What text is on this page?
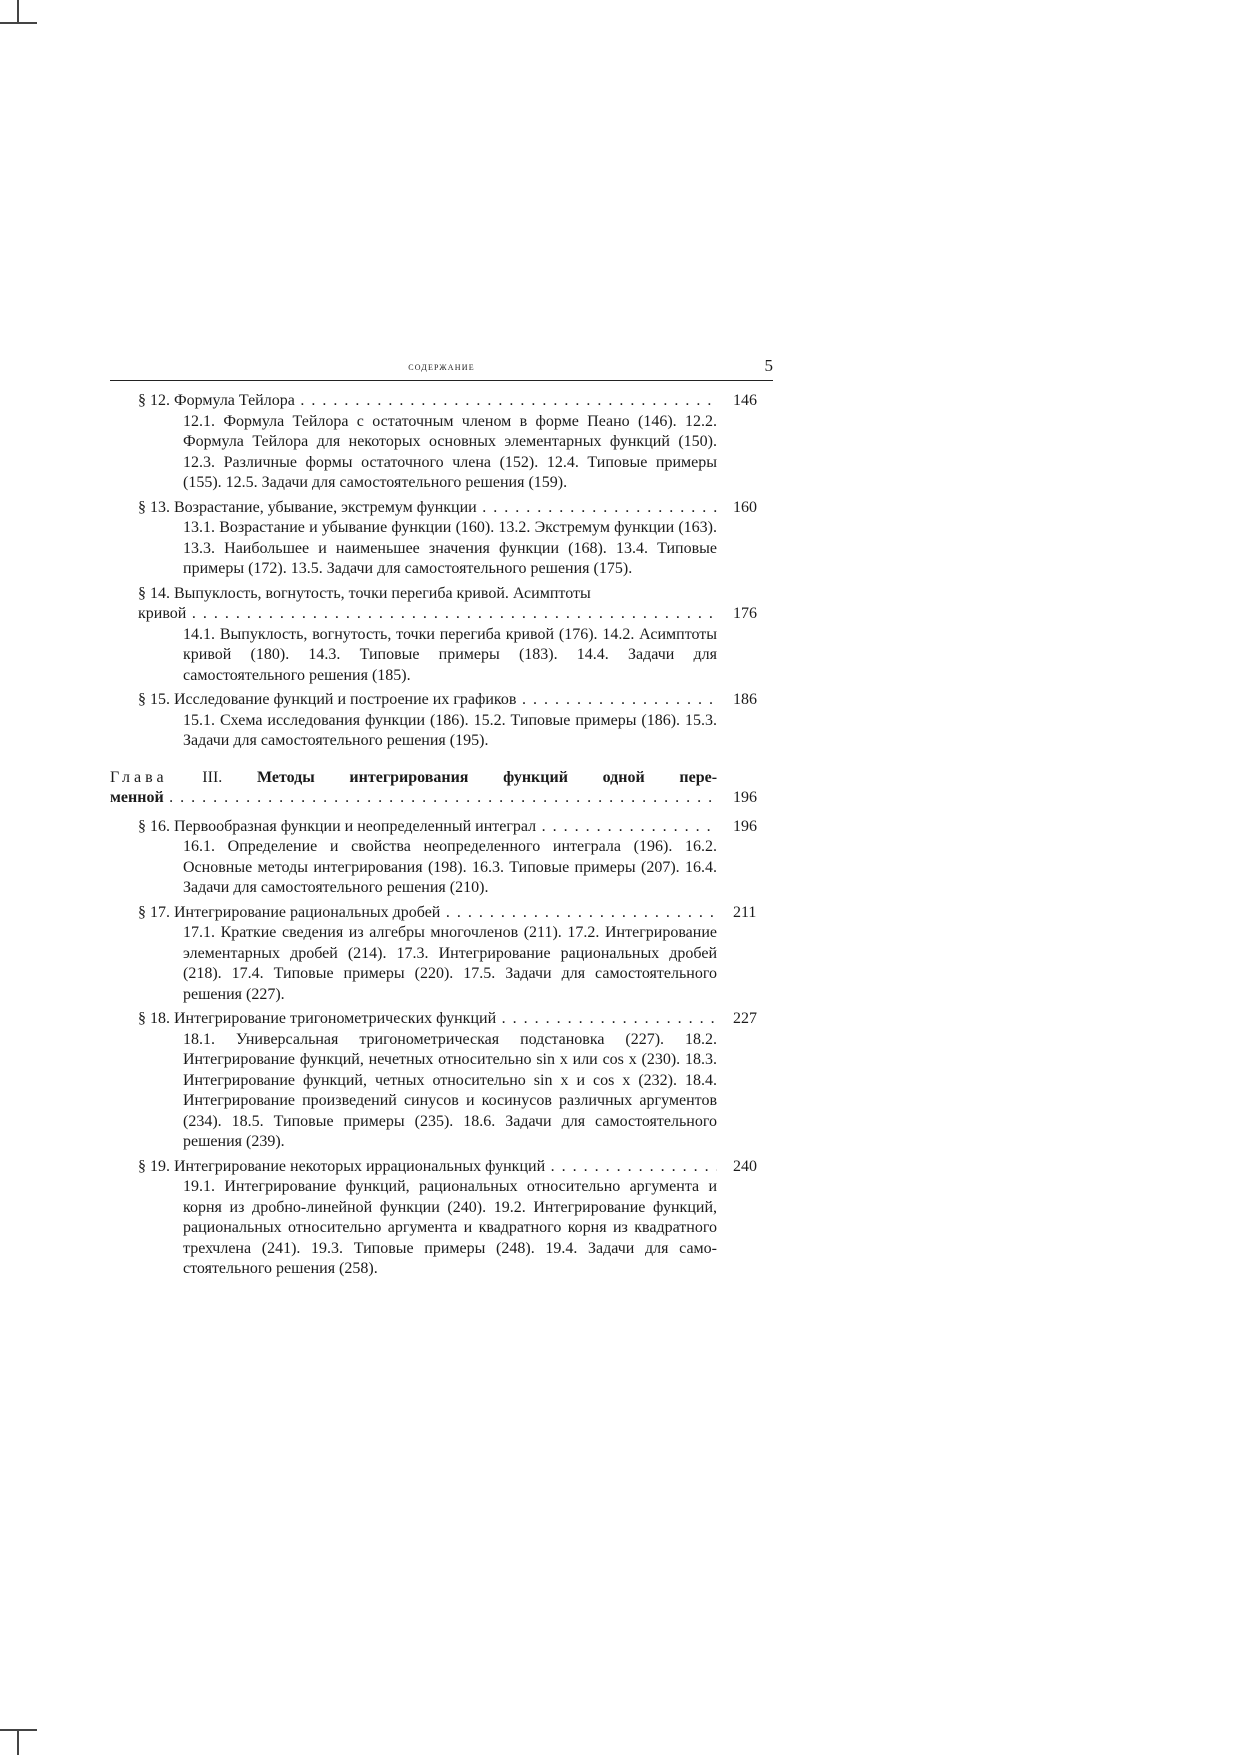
содержание	5
§ 12. Формула Тейлора . . .	146
12.1. Формула Тейлора с остаточным членом в форме Пеано (146). 12.2. Формула Тейлора для некоторых основных элементарных функций (150). 12.3. Различные формы остаточного члена (152). 12.4. Типовые примеры (155). 12.5. Задачи для самостоятельного решения (159).
§ 13. Возрастание, убывание, экстремум функции . . .	160
13.1. Возрастание и убывание функции (160). 13.2. Экстремум функции (163). 13.3. Наибольшее и наименьшее значения функции (168). 13.4. Типовые примеры (172). 13.5. Задачи для самостоятельного решения (175).
§ 14. Выпуклость, вогнутость, точки перегиба кривой. Асимптоты
кривой . . .	176
14.1. Выпуклость, вогнутость, точки перегиба кривой (176). 14.2. Асимптоты кривой (180). 14.3. Типовые примеры (183). 14.4. Задачи для самостоятельного решения (185).
§ 15. Исследование функций и построение их графиков . . .	186
15.1. Схема исследования функции (186). 15.2. Типовые примеры (186). 15.3. Задачи для самостоятельного решения (195).
Глава III. Методы интегрирования функций одной пере-
менной . . .	196
§ 16. Первообразная функции и неопределенный интеграл . . .	196
16.1. Определение и свойства неопределенного интеграла (196). 16.2. Основные методы интегрирования (198). 16.3. Типовые примеры (207). 16.4. Задачи для самостоятельного решения (210).
§ 17. Интегрирование рациональных дробей . . .	211
17.1. Краткие сведения из алгебры многочленов (211). 17.2. Интегрирование элементарных дробей (214). 17.3. Интегрирование рациональных дробей (218). 17.4. Типовые примеры (220). 17.5. Задачи для самостоятельного решения (227).
§ 18. Интегрирование тригонометрических функций . . .	227
18.1. Универсальная тригонометрическая подстановка (227). 18.2. Интегрирование функций, нечетных относительно sin x или cos x (230). 18.3. Интегрирование функций, четных относительно sin x и cos x (232). 18.4. Интегрирование произведений синусов и косинусов различных аргументов (234). 18.5. Типовые примеры (235). 18.6. Задачи для самостоятельного решения (239).
§ 19. Интегрирование некоторых иррациональных функций . . .	240
19.1. Интегрирование функций, рациональных относительно аргумента и корня из дробно-линейной функции (240). 19.2. Интегрирование функций, рациональных относительно аргумента и квадратного корня из квадратного трехчлена (241). 19.3. Типовые примеры (248). 19.4. Задачи для самостоятельного решения (258).
